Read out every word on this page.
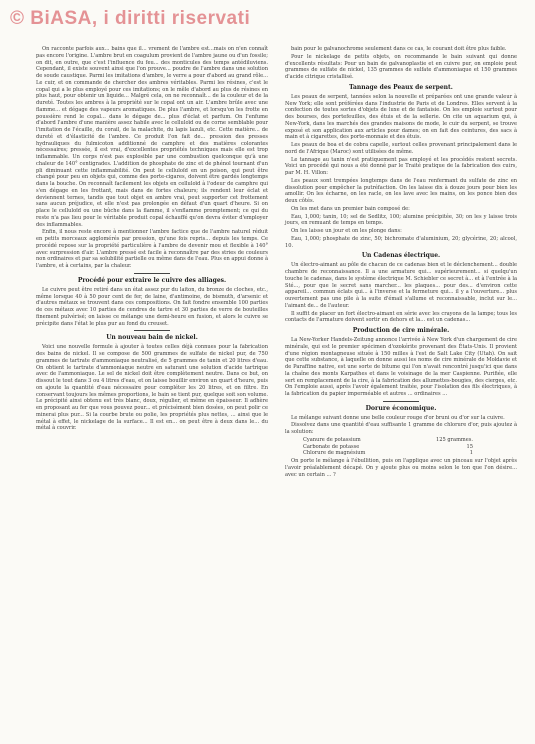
© BiASA, i diritti riservati

On racconte parfois aux... bains que il... vrement de l'ambre est...mais on n'en connaît pas encore l'origine. L'ambre brut en coagulum provient de l'ambre jaune ou d'un fossile; on dit, en outre, que c'est l'influence du feu... des monticules des temps antédiluviens. Cependant, il existe souvent ainsi que l'on prouve... poudre de l'ambre dans une solution de soude caustique. Parmi les imitations d'ambre, le verre a pour d'abord au grand rôle... Le cuir, et on commande de chercher des ambres véritables. Parmi les résines, c'est le copal qui a le plus employé pour ces imitations; on le mêle d'abord au plus de résines en plus haut, pour obtenir un liquide... Malgré cela, on ne reconnaît... de la couleur et de la dureté. Toutes les ambres à la propriété sur le copal ont un air. L'ambre brûle avec une flamme... et dégage des vapeurs aromatiques. De plus l'ambre, et lorsqu'on les frotte en poussière rend le copal... dans le dégage de... plus d'éclat et parfum. On l'enfume d'abord l'ambre d'une manière assez habile avec le celluloïd ou de corne semblable pour l'imitation de l'écaille, du corail, de la malachite, du lapis lazuli, etc. Cette matière... de dureté et d'élasticité de l'ambre. Ce produit l'on fait de... pression des presses hydrauliques du fulmicoton additionné de camphre et des matières colorantes nécessaires; pressée, il est vrai, d'excellentes propriétés techniques mais elle est trop inflammable. Un corps n'est pas explosible par une combustion quelconque qu'à une chaleur de 140° centigrades. L'addition de phosphate de zinc et de phénol tournant d'un pli diminuant cette inflammabilité. On peut le celluloïd en un poison, qui peut être changé pour peu en objets qui, comme des porte-cigares, doivent être gardés longtemps dans la bouche. On reconnaît facilement les objets en celluloïd à l'odeur de camphre qui s'en dégage en les frottant, mais dans de fortes chaleurs; ils rendent leur éclat et deviennent ternes, tandis que tout objet en ambre vrai, peut supporter cet frottement sans aucun préjudice, et elle n'est pas prolongée en défaut d'un quart d'heure. Si on place le celluloïd ou une bûche dans la flamme, il s'enflamme promptement; ce qui du reste n'a pas lieu pour le véritable produit copal échauffé qu'on devra éviter d'employer des inflammables.

Enfin, il nous reste encore à mentionner l'ambre factice que de l'ambre naturel réduit en petits morceaux agglomérés par pression, qu'une fois repris... depuis les temps. Ce procédé repose sur la propriété particulière à l'ambre de devenir mou et flexible à 140° avec surpression d'air. L'ambre pressé est facile à reconnaître par des stries de couleurs non ordinaires et par sa solubilité partielle ou même dans de l'eau. Plus en appui donne à l'ambre, et à certains, par la chaleur.

Procédé pour extraire le cuivre des alliages.

Le cuivre peut être retiré dans un état assez pur du laiton, du bronze de cloches, etc., même lorsque 40 à 50 pour cent de fer, de laine, d'antimoine, de bismuth, d'arsenic et d'autres métaux se trouvent dans ces compositions. On fait fondre ensemble 100 parties de ces métaux avec 10 parties de cendres de tartre et 30 parties de verre de bouteilles finement pulvérisé; on laisse ce mélange une demi-heure en fusion, et alors le cuivre se précipite dans l'état le plus pur au fond du creuset.

Un nouveau bain de nickel.

Voici une nouvelle formule à ajouter à toutes celles déjà connues pour la fabrication des bains de nickel. Il se compose de 500 grammes de sulfate de nickel pur, de 750 grammes de tartrate d'ammoniaque neutralisé, de 5 grammes de tanin et 20 litres d'eau. On obtient le tartrate d'ammoniaque neutre en saturant une solution d'acide tartrique avec de l'ammoniaque. Le sel de nickel doit être complètement neutre. Dans ce but, on dissout le tout dans 3 ou 4 litres d'eau, et on laisse bouillir environ un quart d'heure, puis on ajoute la quantité d'eau nécessaire pour compléter les 20 litres, et on filtre. En conservant toujours les mêmes proportions, le bain se tient pur, quelque soit son volume. Le précipité ainsi obtenu est très blanc, doux, régulier, et même en épaisseur. Il adhère en proposant au fer que vous pouvez pour... et précisément bien dosées, on peut polir ce minerai plus pur... Si la courbe brute ou polie, les propriétés plus nettes, ... ainsi que le métal à effet, le nickelage de la surface... Il est en... on peut être à deux dans le... du métal à couvrir.

bain pour le galvanochrome seulement dans ce cas, le courant doit être plus faible.

Pour le nickelage de petits objets, on recommande le bain suivant qui donne d'excellents résultats: Pour un bain de galvanoplastie et en cuivre pur, on emploie peut grammes de sulfate de nickel, 135 grammes de sulfate d'ammoniaque et 150 grammes d'acide citrique cristallisé.

Tannage des Peaux de serpent.

Les peaux de serpent, tannées selon la nouvelle et préparées ont une grande valeur à New York; elle sont préférées dans l'industrie de Paris et de Londres. Elles servent à la confection de toutes sortes d'objets de luxe et de fantaisie. On les emploie surtout pour des bourses, des portefeuilles, des étuis et de la sellerie. On cite un aquarium qui, à New-York, dans les marchés des grandes maisons de mode, le cuir du serpent, se trouve exposé et son application aux articles pour dames; on en fait des ceintures, des sacs à main et à cigarettes, des porte-monnaie et des étuis.

Les peaux de boa et de cobra capelle, surtout celles provenant principalement dans le nord de l'Afrique (Maroc) sont utilisées de même.

Le tannage au tanin n'est pratiquement pas employé et les procédés restent secrets. Voici un procédé qui nous a été donné par le Traité pratique de la fabrication des cuirs, par M. H. Villon:

Les peaux sont trempées longtemps dans de l'eau renfermant du sulfate de zinc en dissolution pour empêcher la putréfaction. On les laisse dix à douze jours pour bien les amollir. On les écharne, on les racle, on les lave avec les mains, on les ponce bien des deux côtés.

On les met dans un premier bain composé de:

Eau, 1,000; tanin, 10; sel de Sedlitz, 100; alumine précipitée, 30; on les y laisse trois jours, en remuant de temps en temps.

On les laisse un jour et on les plonge dans:

Eau, 1,000; phosphate de zinc, 50; bichromate d'aluminium, 20; glycérine, 20; alcool, 10.

Un Cadenas électrique.

Un électro-aimant au pôle de chacun de ce cadenas bien et le déclenchement... double chambre de reconnaissance. Il a une armature qui... supérieurement... si quelqu'un touche le cadenas, dans le système électrique M. Schiebler ce secret à... et à l'entrée à la Sté..., pour que le secret sans marcher... les plaques... pour des... d'environ cette appareil... commun éclats qui... à l'inverse et la fermeture qui... il y a l'ouverture... plus ouvertement pas une pile à la suite d'émail s'allume et reconnaissable, inclut sur le... l'aimant de... de l'auteur.

Il suffit de placer un fort électro-aimant en série avec les crayons de la lampe; tous les contacts de l'armature doivent sortir en dehors et la... est un cadenas...

Production de cire minérale.

La New-Yorker Handels-Zeitung annonce l'arrivée à New York d'un chargement de cire minérale, qui est le premier spécimen d'ozokérite provenant des États-Unis. Il provient d'une région montagneuse située à 150 milles à l'est de Salt Lake City (Utah). On sait que cette substance, à laquelle on donne aussi les noms de cire minérale de Moldavie et de Paraffine native, est une sorte de bitume qui l'on n'avait rencontré jusqu'ici que dans la chaîne des monts Karpathes et dans le voisinage de la mer Caspienne. Purifiée, elle sert en remplacement de la cire, à la fabrication des allumettes-bougies, des cierges, etc. On l'emploie aussi, après l'avoir également traitée, pour l'isolation des fils électriques, à la fabrication du papier imperméable et autres ... ordinaires ...

Dorure économique.

Le mélange suivant donne une belle couleur rouge d'or bruni ou d'or sur la cuivre.

Dissolvez dans une quantité d'eau suffisante 1 gramme de chlorure d'or, puis ajoutez à la solution:

Cyanure de potassium	125 grammes.
Carbonate de potasse	15
Chlorure de magnésium	1

On porte le mélange à l'ébullition, puis on l'applique avec un pinceau sur l'objet après l'avoir préalablement décapé. On y ajoute plus ou moins selon le ton que l'on désire... avec un certain ... ?
